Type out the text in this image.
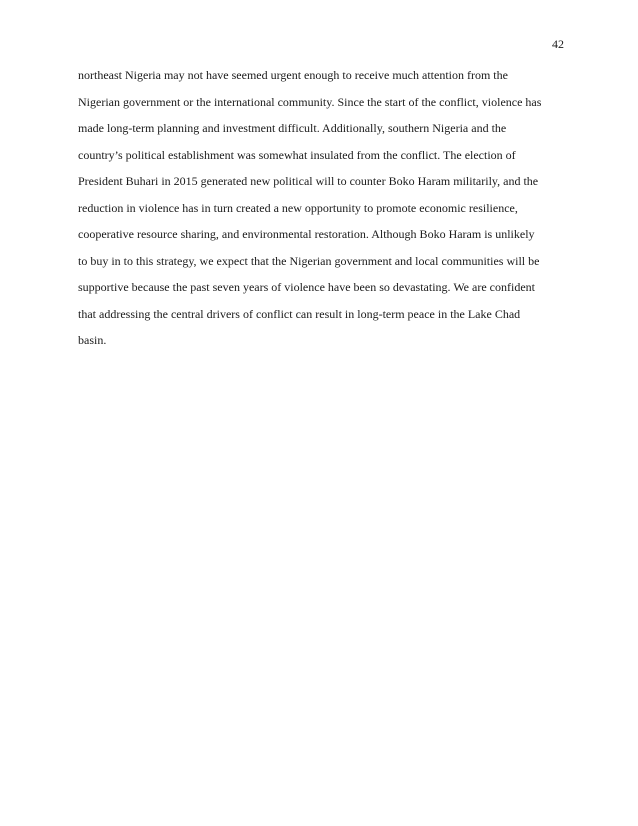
42

northeast Nigeria may not have seemed urgent enough to receive much attention from the
Nigerian government or the international community. Since the start of the conflict, violence has
made long-term planning and investment difficult. Additionally, southern Nigeria and the
country’s political establishment was somewhat insulated from the conflict. The election of
President Buhari in 2015 generated new political will to counter Boko Haram militarily, and the
reduction in violence has in turn created a new opportunity to promote economic resilience,
cooperative resource sharing, and environmental restoration. Although Boko Haram is unlikely
to buy in to this strategy, we expect that the Nigerian government and local communities will be
supportive because the past seven years of violence have been so devastating. We are confident
that addressing the central drivers of conflict can result in long-term peace in the Lake Chad
basin.
